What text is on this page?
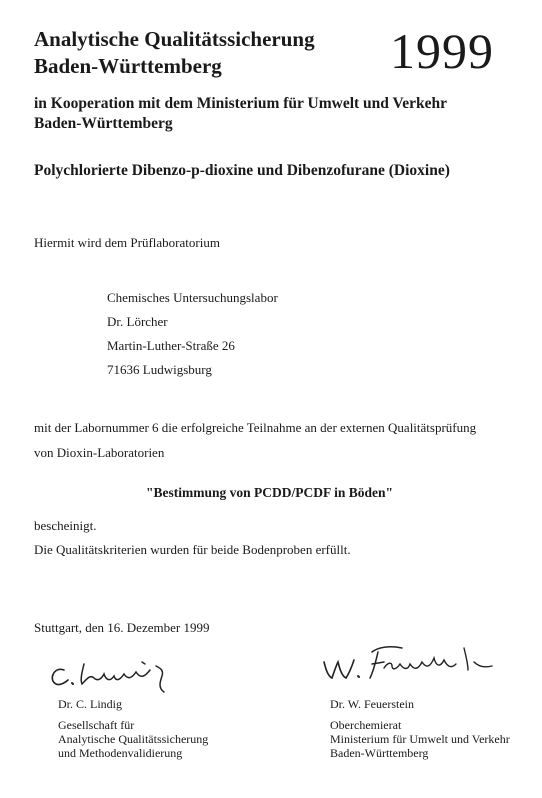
Analytische Qualitätssicherung
Baden-Württemberg	1999
in Kooperation mit dem Ministerium für Umwelt und Verkehr
Baden-Württemberg
Polychlorierte Dibenzo-p-dioxine und Dibenzofurane (Dioxine)
Hiermit wird dem Prüflaboratorium
Chemisches Untersuchungslabor
Dr. Lörcher
Martin-Luther-Straße 26
71636 Ludwigsburg
mit der Labornummer 6 die erfolgreiche Teilnahme an der externen Qualitätsprüfung
von Dioxin-Laboratorien
"Bestimmung von PCDD/PCDF in Böden"
bescheinigt.
Die Qualitätskriterien wurden für beide Bodenproben erfüllt.
Stuttgart, den 16. Dezember 1999
Dr. C. Lindig
Gesellschaft für
Analytische Qualitätssicherung
und Methodenvalidierung
Dr. W. Feuerstein
Oberchemierat
Ministerium für Umwelt und Verkehr
Baden-Württemberg
